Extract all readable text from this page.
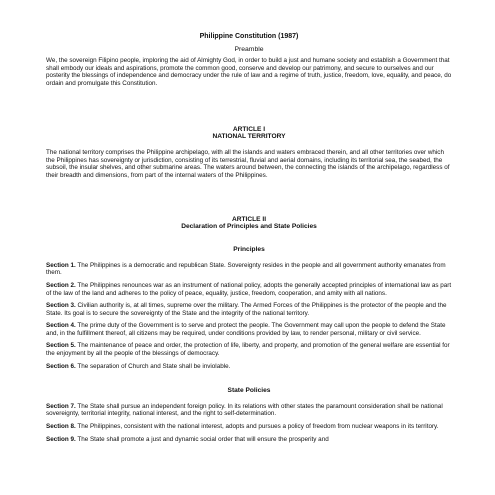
Philippine Constitution (1987)
Preamble

We, the sovereign Filipino people, imploring the aid of Almighty God, in order to build a just and humane society and establish a Government that shall embody our ideals and aspirations, promote the common good, conserve and develop our patrimony, and secure to ourselves and our posterity the blessings of independence and democracy under the rule of law and a regime of truth, justice, freedom, love, equality, and peace, do ordain and promulgate this Constitution.

ARTICLE I
NATIONAL TERRITORY

The national territory comprises the Philippine archipelago, with all the islands and waters embraced therein, and all other territories over which the Philippines has sovereignty or jurisdiction, consisting of its terrestrial, fluvial and aerial domains, including its territorial sea, the seabed, the subsoil, the insular shelves, and other submarine areas. The waters around between, the connecting the islands of the archipelago, regardless of their breadth and dimensions, from part of the internal waters of the Philippines.

ARTICLE II
Declaration of Principles and State Policies
Principles

Section 1. The Philippines is a democratic and republican State. Sovereignty resides in the people and all government authority emanates from them.

Section 2. The Philippines renounces war as an instrument of national policy, adopts the generally accepted principles of international law as part of the law of the land and adheres to the policy of peace, equality, justice, freedom, cooperation, and amity with all nations.

Section 3. Civilian authority is, at all times, supreme over the military. The Armed Forces of the Philippines is the protector of the people and the State. Its goal is to secure the sovereignty of the State and the integrity of the national territory.

Section 4. The prime duty of the Government is to serve and protect the people. The Government may call upon the people to defend the State and, in the fulfillment thereof, all citizens may be required, under conditions provided by law, to render personal, military or civil service.

Section 5. The maintenance of peace and order, the protection of life, liberty, and property, and promotion of the general welfare are essential for the enjoyment by all the people of the blessings of democracy.

Section 6. The separation of Church and State shall be inviolable.

State Policies

Section 7. The State shall pursue an independent foreign policy. In its relations with other states the paramount consideration shall be national sovereignty, territorial integrity, national interest, and the right to self-determination.

Section 8. The Philippines, consistent with the national interest, adopts and pursues a policy of freedom from nuclear weapons in its territory.

Section 9. The State shall promote a just and dynamic social order that will ensure the prosperity and
